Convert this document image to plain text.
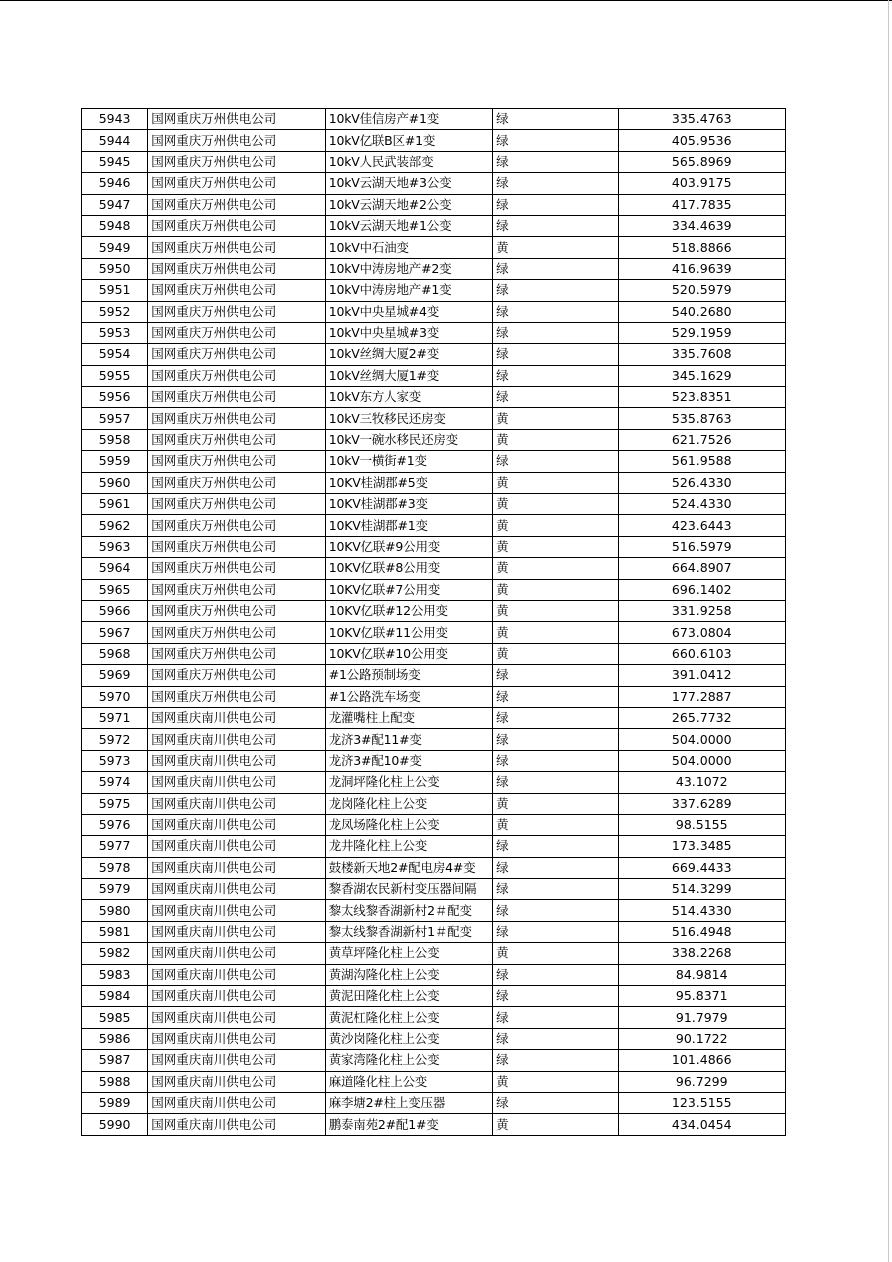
5943	国网重庆万州供电公司	10kV佳信房产#1变	绿	335.4763
5944	国网重庆万州供电公司	10kV亿联B区#1变	绿	405.9536
5945	国网重庆万州供电公司	10kV人民武装部变	绿	565.8969
5946	国网重庆万州供电公司	10kV云湖天地#3公变	绿	403.9175
5947	国网重庆万州供电公司	10kV云湖天地#2公变	绿	417.7835
5948	国网重庆万州供电公司	10kV云湖天地#1公变	绿	334.4639
5949	国网重庆万州供电公司	10kV中石油变	黄	518.8866
5950	国网重庆万州供电公司	10kV中涛房地产#2变	绿	416.9639
5951	国网重庆万州供电公司	10kV中涛房地产#1变	绿	520.5979
5952	国网重庆万州供电公司	10kV中央星城#4变	绿	540.2680
5953	国网重庆万州供电公司	10kV中央星城#3变	绿	529.1959
5954	国网重庆万州供电公司	10kV丝绸大厦2#变	绿	335.7608
5955	国网重庆万州供电公司	10kV丝绸大厦1#变	绿	345.1629
5956	国网重庆万州供电公司	10kV东方人家变	绿	523.8351
5957	国网重庆万州供电公司	10kV三牧移民还房变	黄	535.8763
5958	国网重庆万州供电公司	10kV一碗水移民还房变	黄	621.7526
5959	国网重庆万州供电公司	10kV一横街#1变	绿	561.9588
5960	国网重庆万州供电公司	10KV桂湖郡#5变	黄	526.4330
5961	国网重庆万州供电公司	10KV桂湖郡#3变	黄	524.4330
5962	国网重庆万州供电公司	10KV桂湖郡#1变	黄	423.6443
5963	国网重庆万州供电公司	10KV亿联#9公用变	黄	516.5979
5964	国网重庆万州供电公司	10KV亿联#8公用变	黄	664.8907
5965	国网重庆万州供电公司	10KV亿联#7公用变	黄	696.1402
5966	国网重庆万州供电公司	10KV亿联#12公用变	黄	331.9258
5967	国网重庆万州供电公司	10KV亿联#11公用变	黄	673.0804
5968	国网重庆万州供电公司	10KV亿联#10公用变	黄	660.6103
5969	国网重庆万州供电公司	#1公路预制场变	绿	391.0412
5970	国网重庆万州供电公司	#1公路洗车场变	绿	177.2887
5971	国网重庆南川供电公司	龙灌嘴柱上配变	绿	265.7732
5972	国网重庆南川供电公司	龙济3#配11#变	绿	504.0000
5973	国网重庆南川供电公司	龙济3#配10#变	绿	504.0000
5974	国网重庆南川供电公司	龙洞坪隆化柱上公变	绿	43.1072
5975	国网重庆南川供电公司	龙岗隆化柱上公变	黄	337.6289
5976	国网重庆南川供电公司	龙凤场隆化柱上公变	黄	98.5155
5977	国网重庆南川供电公司	龙井隆化柱上公变	绿	173.3485
5978	国网重庆南川供电公司	鼓楼新天地2#配电房4#变	绿	669.4433
5979	国网重庆南川供电公司	黎香湖农民新村变压器间隔	绿	514.3299
5980	国网重庆南川供电公司	黎太线黎香湖新村2＃配变	绿	514.4330
5981	国网重庆南川供电公司	黎太线黎香湖新村1＃配变	绿	516.4948
5982	国网重庆南川供电公司	黄草坪隆化柱上公变	黄	338.2268
5983	国网重庆南川供电公司	黄湖沟隆化柱上公变	绿	84.9814
5984	国网重庆南川供电公司	黄泥田隆化柱上公变	绿	95.8371
5985	国网重庆南川供电公司	黄泥杠隆化柱上公变	绿	91.7979
5986	国网重庆南川供电公司	黄沙岗隆化柱上公变	绿	90.1722
5987	国网重庆南川供电公司	黄家湾隆化柱上公变	绿	101.4866
5988	国网重庆南川供电公司	麻道隆化柱上公变	黄	96.7299
5989	国网重庆南川供电公司	麻李塘2#柱上变压器	绿	123.5155
5990	国网重庆南川供电公司	鹏泰南苑2#配1#变	黄	434.0454
